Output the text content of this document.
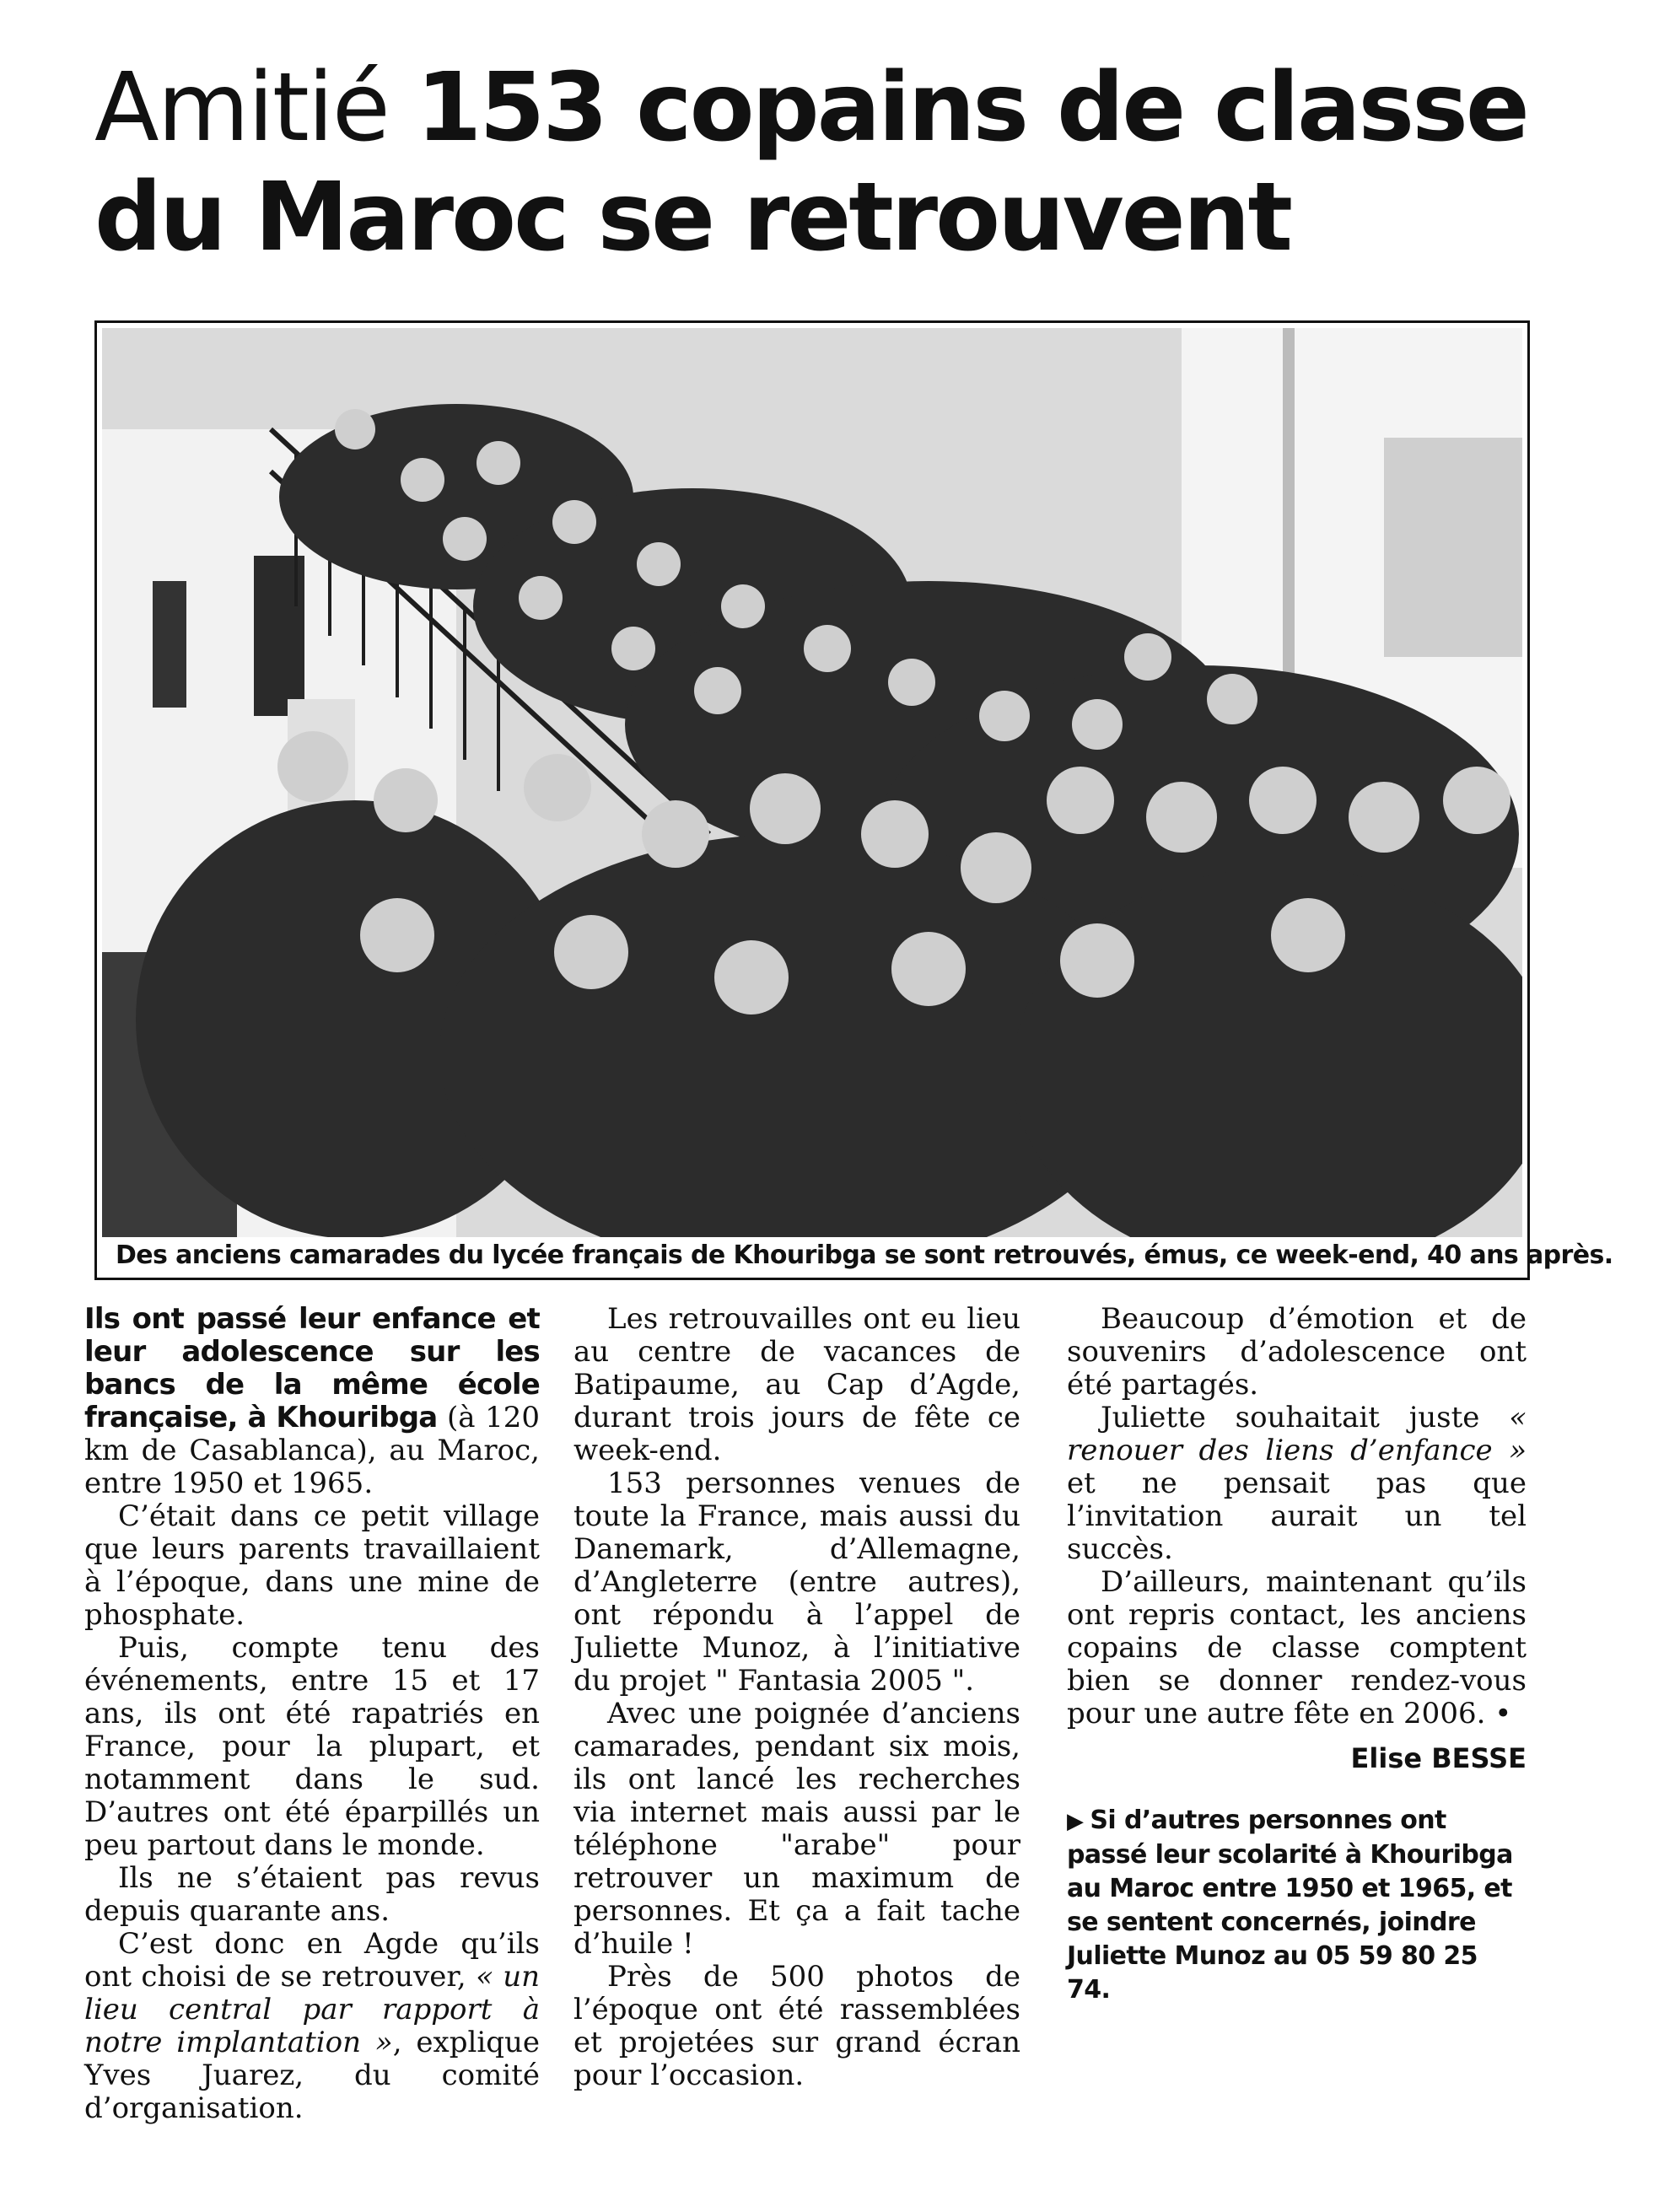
Amitié 153 copains de classe
du Maroc se retrouvent
Des anciens camarades du lycée français de Khouribga se sont retrouvés, émus, ce week-end, 40 ans après.

Ils ont passé leur enfance et leur adolescence sur les bancs de la même école française, à Khouribga (à 120 km de Casablanca), au Maroc, entre 1950 et 1965.

C’était dans ce petit village que leurs parents travaillaient à l’époque, dans une mine de phosphate.

Puis, compte tenu des événements, entre 15 et 17 ans, ils ont été rapatriés en France, pour la plupart, et notamment dans le sud. D’autres ont été éparpillés un peu partout dans le monde.

Ils ne s’étaient pas revus depuis quarante ans.

C’est donc en Agde qu’ils ont choisi de se retrouver, « un lieu central par rapport à notre implantation », explique Yves Juarez, du comité d’organisation.

Les retrouvailles ont eu lieu au centre de vacances de Batipaume, au Cap d’Agde, durant trois jours de fête ce week-end.

153 personnes venues de toute la France, mais aussi du Danemark, d’Allemagne, d’Angleterre (entre autres), ont répondu à l’appel de Juliette Munoz, à l’initiative du projet " Fantasia 2005 ".

Avec une poignée d’anciens camarades, pendant six mois, ils ont lancé les recherches via internet mais aussi par le téléphone "arabe" pour retrouver un maximum de personnes. Et ça a fait tache d’huile !

Près de 500 photos de l’époque ont été rassemblées et projetées sur grand écran pour l’occasion.

Beaucoup d’émotion et de souvenirs d’adolescence ont été partagés.

Juliette souhaitait juste « renouer des liens d’enfance » et ne pensait pas que l’invitation aurait un tel succès.

D’ailleurs, maintenant qu’ils ont repris contact, les anciens copains de classe comptent bien se donner rendez-vous pour une autre fête en 2006. •

Elise BESSE
▶ Si d’autres personnes ont passé leur scolarité à Khouribga au Maroc entre 1950 et 1965, et se sentent concernés, joindre Juliette Munoz au 05 59 80 25 74.
